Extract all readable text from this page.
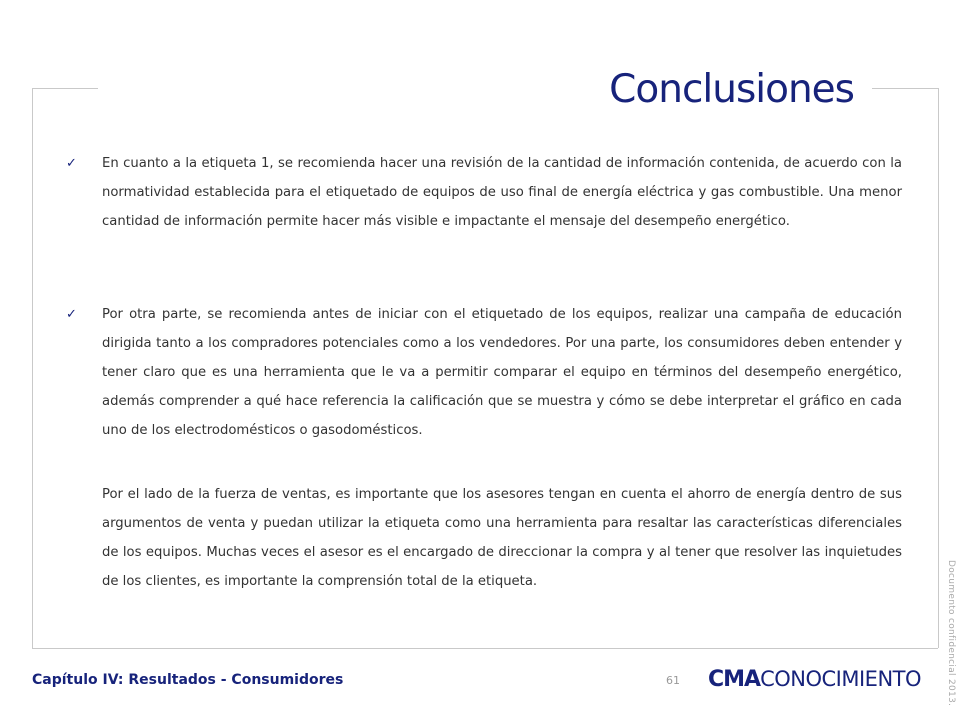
Conclusiones
✓ En cuanto a la etiqueta 1, se recomienda hacer una revisión de la cantidad de información contenida, de acuerdo con la normatividad establecida para el etiquetado de equipos de uso final de energía eléctrica y gas combustible. Una menor cantidad de información permite hacer más visible e impactante el mensaje del desempeño energético.
✓ Por otra parte, se recomienda antes de iniciar con el etiquetado de los equipos, realizar una campaña de educación dirigida tanto a los compradores potenciales como a los vendedores. Por una parte, los consumidores deben entender y tener claro que es una herramienta que le va a permitir comparar el equipo en términos del desempeño energético, además comprender a qué hace referencia la calificación que se muestra y cómo se debe interpretar el gráfico en cada uno de los electrodomésticos o gasodomésticos.
Por el lado de la fuerza de ventas, es importante que los asesores tengan en cuenta el ahorro de energía dentro de sus argumentos de venta y puedan utilizar la etiqueta como una herramienta para resaltar las características diferenciales de los equipos. Muchas veces el asesor es el encargado de direccionar la compra y al tener que resolver las inquietudes de los clientes, es importante la comprensión total de la etiqueta.
Capítulo IV: Resultados - Consumidores	61 CMACONOCIMIENTO	Documento confidencial 2013.
